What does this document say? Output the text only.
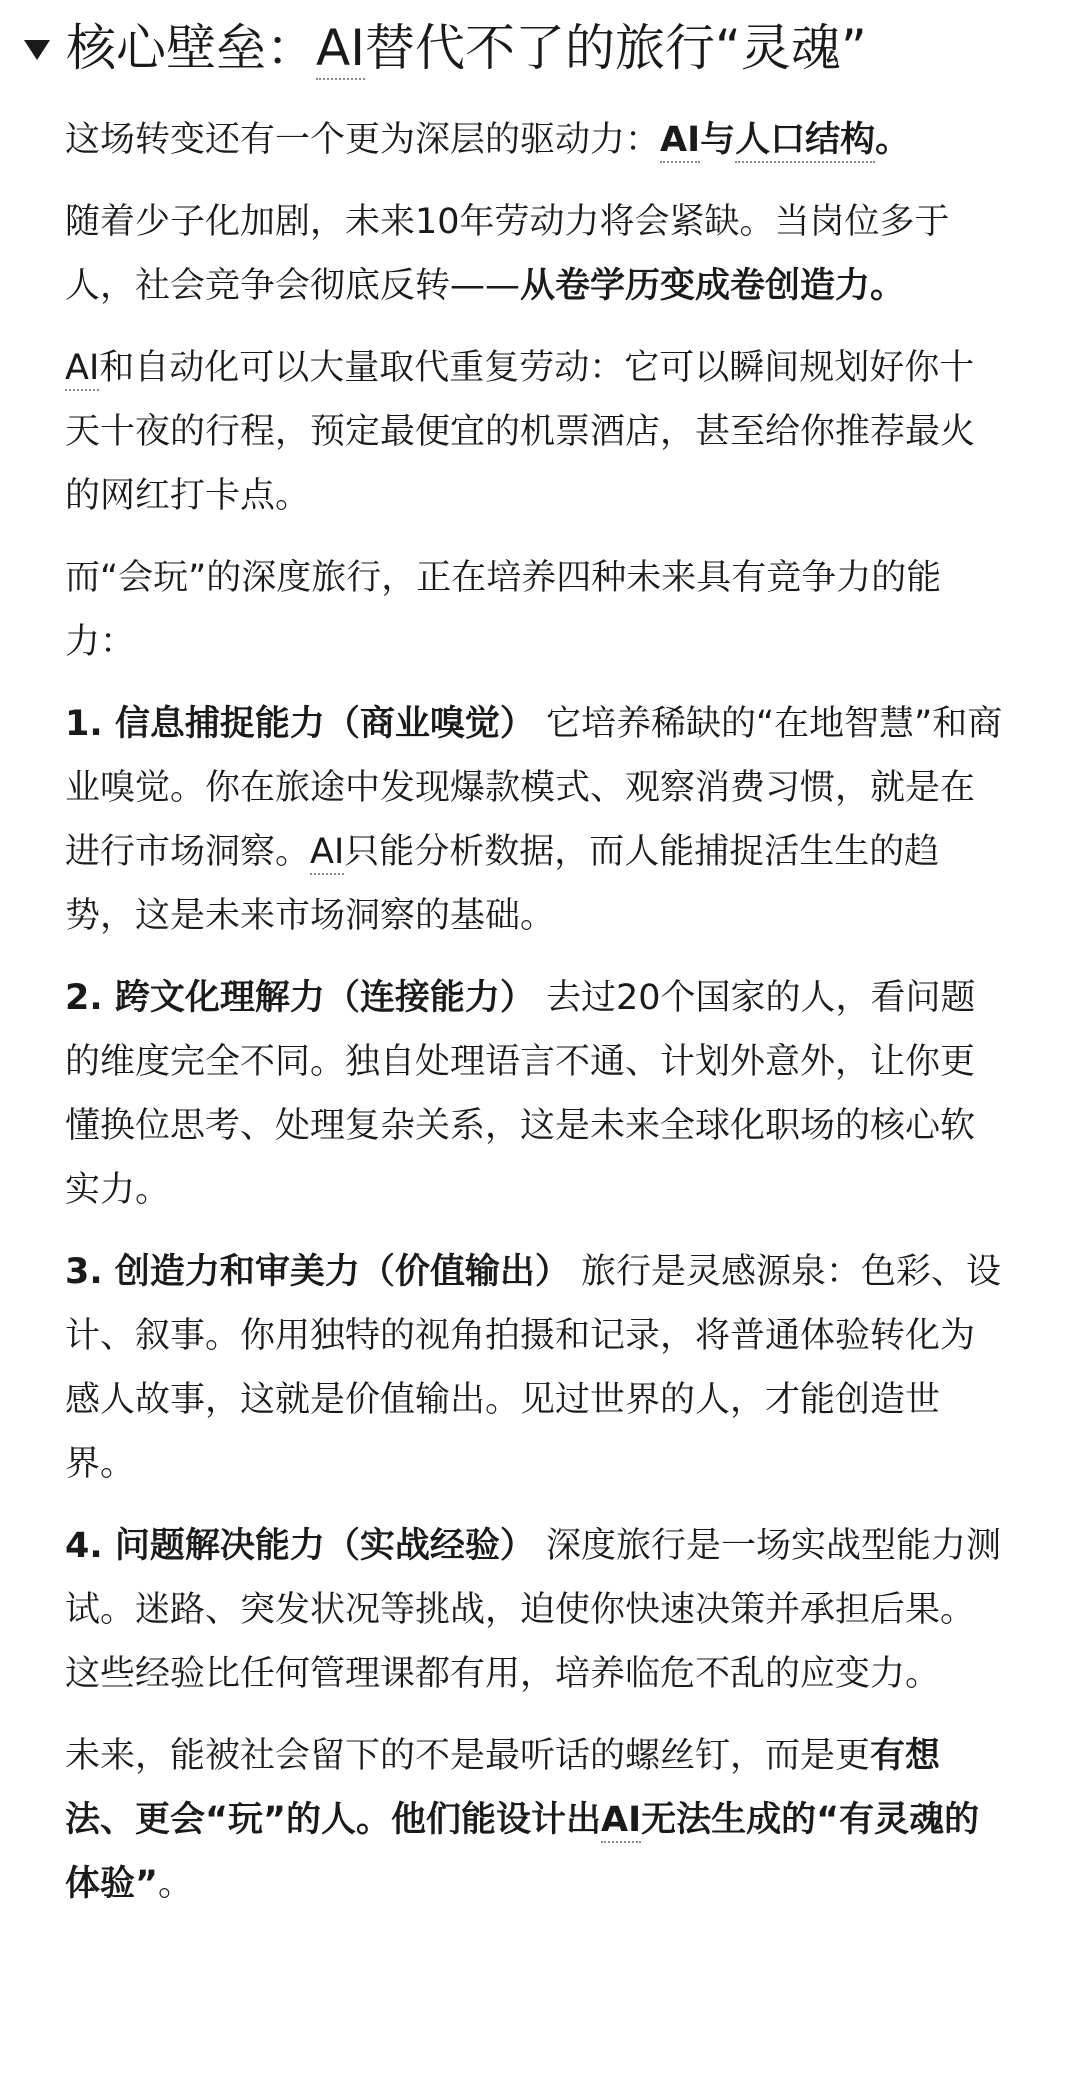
核心壁垒：AI替代不了的旅行“灵魂”

这场转变还有一个更为深层的驱动力：AI与人口结构。

随着少子化加剧，未来10年劳动力将会紧缺。当岗位多于人，社会竞争会彻底反转——从卷学历变成卷创造力。

AI和自动化可以大量取代重复劳动：它可以瞬间规划好你十天十夜的行程，预定最便宜的机票酒店，甚至给你推荐最火的网红打卡点。

而“会玩”的深度旅行，正在培养四种未来具有竞争力的能力：

1. 信息捕捉能力（商业嗅觉） 它培养稀缺的“在地智慧”和商业嗅觉。你在旅途中发现爆款模式、观察消费习惯，就是在进行市场洞察。AI只能分析数据，而人能捕捉活生生的趋势，这是未来市场洞察的基础。

2. 跨文化理解力（连接能力） 去过20个国家的人，看问题的维度完全不同。独自处理语言不通、计划外意外，让你更懂换位思考、处理复杂关系，这是未来全球化职场的核心软实力。

3. 创造力和审美力（价值输出） 旅行是灵感源泉：色彩、设计、叙事。你用独特的视角拍摄和记录，将普通体验转化为感人故事，这就是价值输出。见过世界的人，才能创造世界。

4. 问题解决能力（实战经验） 深度旅行是一场实战型能力测试。迷路、突发状况等挑战，迫使你快速决策并承担后果。这些经验比任何管理课都有用，培养临危不乱的应变力。

未来，能被社会留下的不是最听话的螺丝钉，而是更有想法、更会“玩”的人。他们能设计出AI无法生成的“有灵魂的体验”。
